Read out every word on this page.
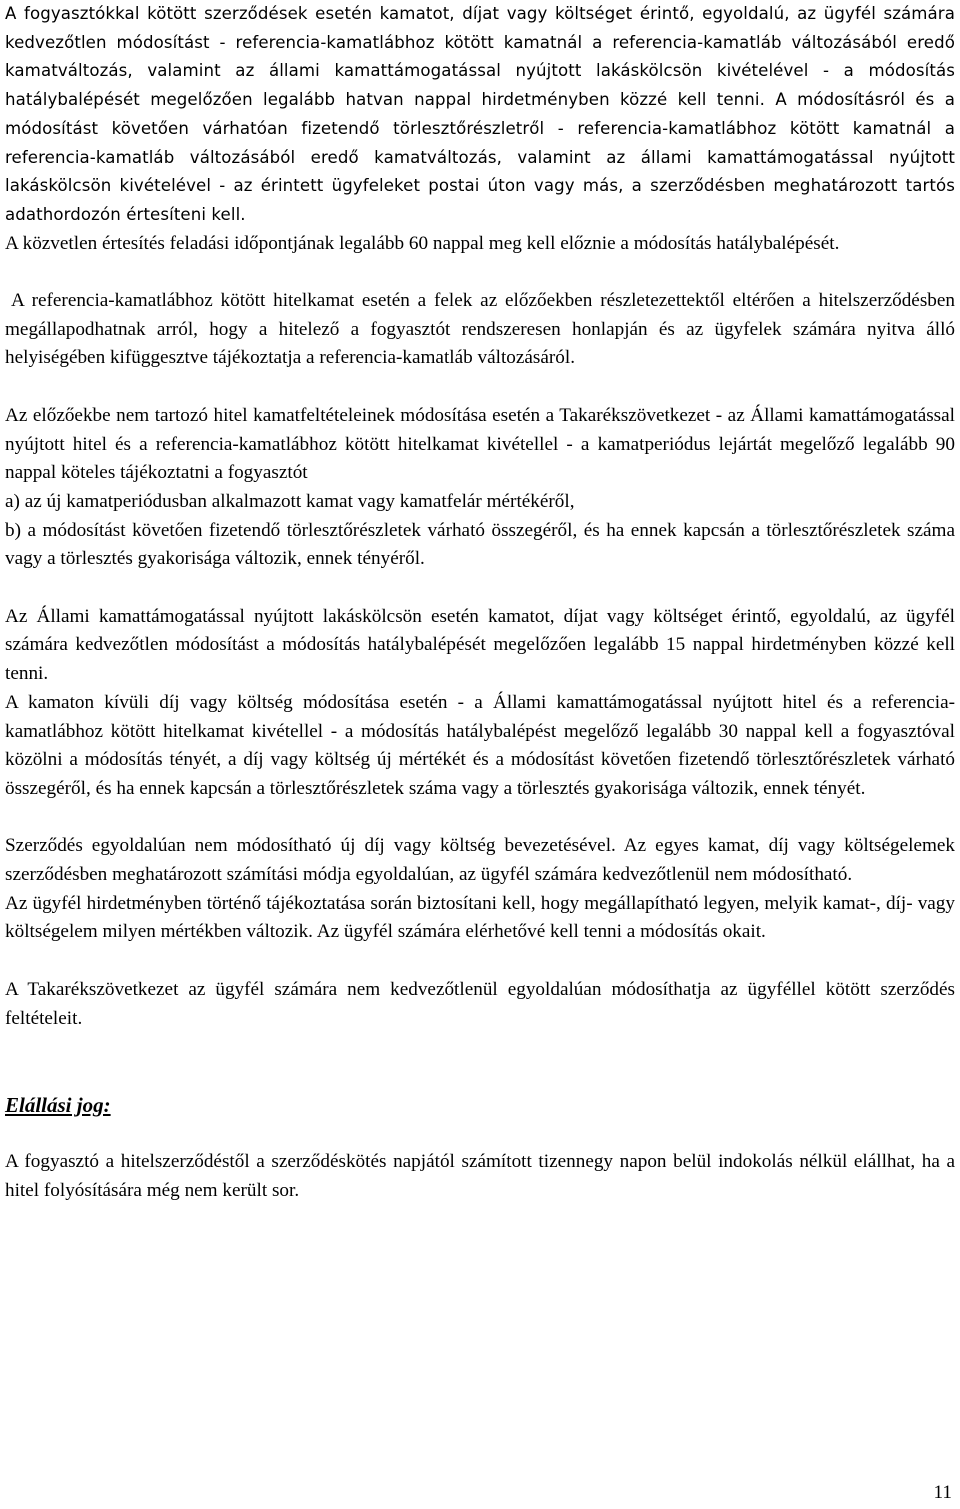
A fogyasztókkal kötött szerződések esetén kamatot, díjat vagy költséget érintő, egyoldalú, az ügyfél számára kedvezőtlen módosítást - referencia-kamatlábhoz kötött kamatnál a referencia-kamatláb változásából eredő kamatváltozás, valamint az állami kamattámogatással nyújtott lakáskölcsön kivételével - a módosítás hatálybalépését megelőzően legalább hatvan nappal hirdetményben közzé kell tenni. A módosításról és a módosítást követően várhatóan fizetendő törlesztőrészletről - referencia-kamatlábhoz kötött kamatnál a referencia-kamatláb változásából eredő kamatváltozás, valamint az állami kamattámogatással nyújtott lakáskölcsön kivételével - az érintett ügyfeleket postai úton vagy más, a szerződésben meghatározott tartós adathordozón értesíteni kell.

A közvetlen értesítés feladási időpontjának legalább 60 nappal meg kell előznie a módosítás hatálybalépését.

A referencia-kamatlábhoz kötött hitelkamat esetén a felek az előzőekben részletezettektől eltérően a hitelszerződésben megállapodhatnak arról, hogy a hitelező a fogyasztót rendszeresen honlapján és az ügyfelek számára nyitva álló helyiségében kifüggesztve tájékoztatja a referencia-kamatláb változásáról.

Az előzőekbe nem tartozó hitel kamatfeltételeinek módosítása esetén a Takarékszövetkezet - az Állami kamattámogatással nyújtott hitel és a referencia-kamatlábhoz kötött hitelkamat kivétellel - a kamatperiódus lejártát megelőző legalább 90 nappal köteles tájékoztatni a fogyasztót

a) az új kamatperiódusban alkalmazott kamat vagy kamatfelár mértékéről,

b) a módosítást követően fizetendő törlesztőrészletek várható összegéről, és ha ennek kapcsán a törlesztőrészletek száma vagy a törlesztés gyakorisága változik, ennek tényéről.

Az Állami kamattámogatással nyújtott lakáskölcsön esetén kamatot, díjat vagy költséget érintő, egyoldalú, az ügyfél számára kedvezőtlen módosítást a módosítás hatálybalépését megelőzően legalább 15 nappal hirdetményben közzé kell tenni.

A kamaton kívüli díj vagy költség módosítása esetén - a Állami kamattámogatással nyújtott hitel és a referencia-kamatlábhoz kötött hitelkamat kivétellel - a módosítás hatálybalépést megelőző legalább 30 nappal kell a fogyasztóval közölni a módosítás tényét, a díj vagy költség új mértékét és a módosítást követően fizetendő törlesztőrészletek várható összegéről, és ha ennek kapcsán a törlesztőrészletek száma vagy a törlesztés gyakorisága változik, ennek tényét.

Szerződés egyoldalúan nem módosítható új díj vagy költség bevezetésével. Az egyes kamat, díj vagy költségelemek szerződésben meghatározott számítási módja egyoldalúan, az ügyfél számára kedvezőtlenül nem módosítható.

Az ügyfél hirdetményben történő tájékoztatása során biztosítani kell, hogy megállapítható legyen, melyik kamat-, díj- vagy költségelem milyen mértékben változik. Az ügyfél számára elérhetővé kell tenni a módosítás okait.

A Takarékszövetkezet az ügyfél számára nem kedvezőtlenül egyoldalúan módosíthatja az ügyféllel kötött szerződés feltételeit.

Elállási jog:

A fogyasztó a hitelszerződéstől a szerződéskötés napjától számított tizennegy napon belül indokolás nélkül elállhat, ha a hitel folyósítására még nem került sor.

11
